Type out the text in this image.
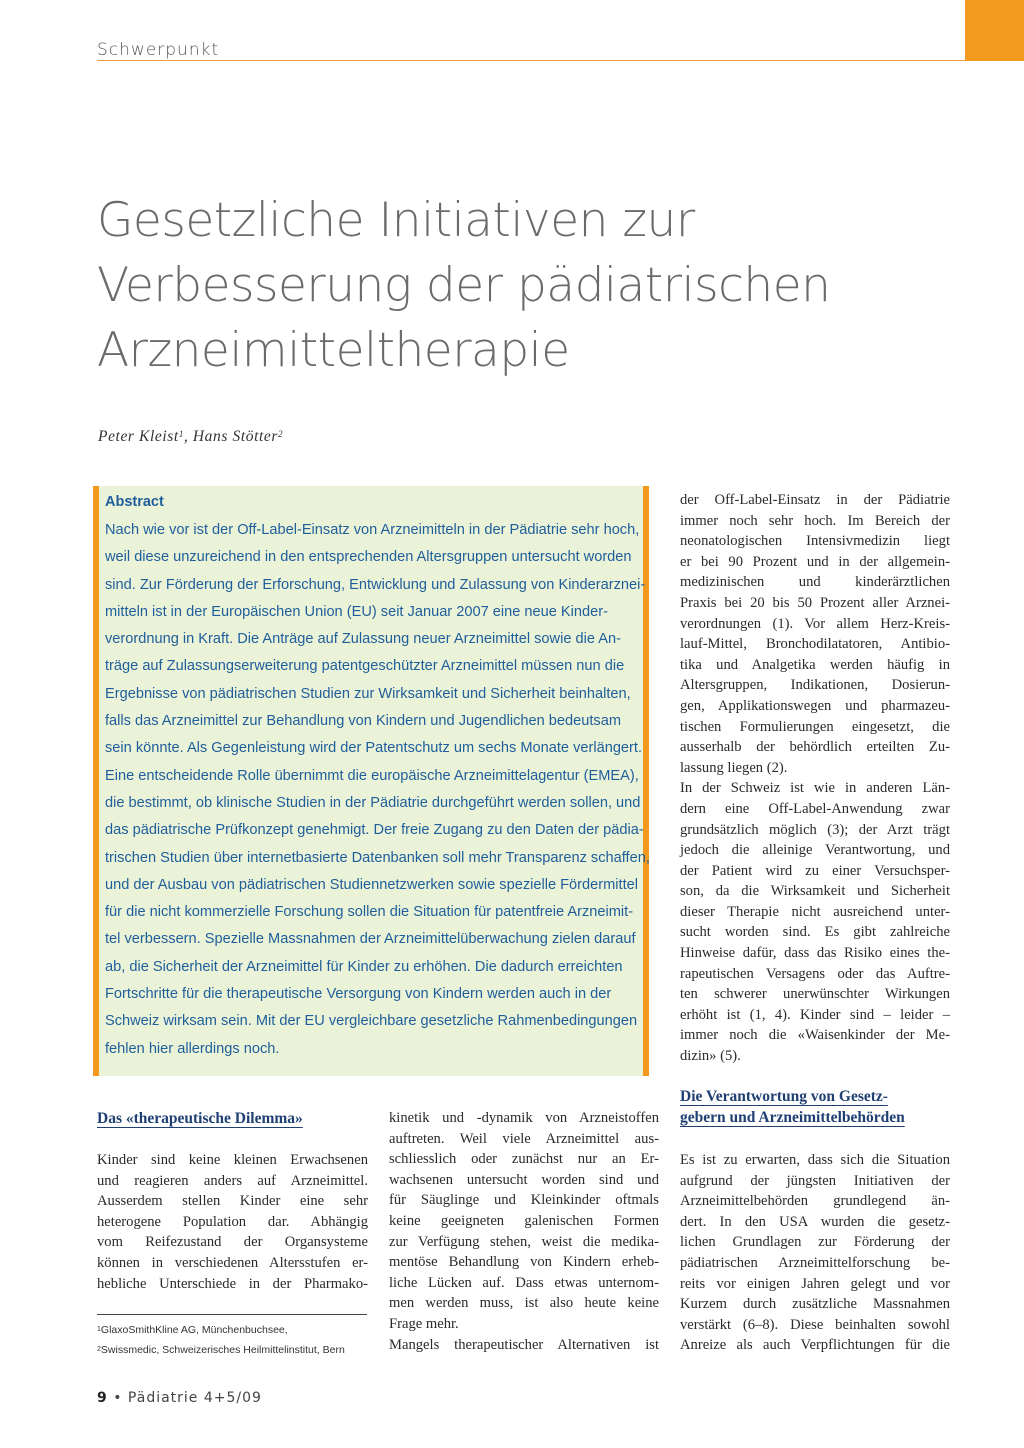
Schwerpunkt
Gesetzliche Initiativen zur
Verbesserung der pädiatrischen
Arzneimitteltherapie
Peter Kleist$^1$, Hans Stötter$^2$
Abstract
Nach wie vor ist der Off-Label-Einsatz von Arzneimitteln in der Pädiatrie sehr hoch,
weil diese unzureichend in den entsprechenden Altersgruppen untersucht worden
sind. Zur Förderung der Erforschung, Entwicklung und Zulassung von Kinderarznei-
mitteln ist in der Europäischen Union (EU) seit Januar 2007 eine neue Kinder-
verordnung in Kraft. Die Anträge auf Zulassung neuer Arzneimittel sowie die An-
träge auf Zulassungserweiterung patentgeschützter Arzneimittel müssen nun die
Ergebnisse von pädiatrischen Studien zur Wirksamkeit und Sicherheit beinhalten,
falls das Arzneimittel zur Behandlung von Kindern und Jugendlichen bedeutsam
sein könnte. Als Gegenleistung wird der Patentschutz um sechs Monate verlängert.
Eine entscheidende Rolle übernimmt die europäische Arzneimittelagentur (EMEA),
die bestimmt, ob klinische Studien in der Pädiatrie durchgeführt werden sollen, und
das pädiatrische Prüfkonzept genehmigt. Der freie Zugang zu den Daten der pädia-
trischen Studien über internetbasierte Datenbanken soll mehr Transparenz schaffen,
und der Ausbau von pädiatrischen Studiennetzwerken sowie spezielle Fördermittel
für die nicht kommerzielle Forschung sollen die Situation für patentfreie Arzneimit-
tel verbessern. Spezielle Massnahmen der Arzneimittelüberwachung zielen darauf
ab, die Sicherheit der Arzneimittel für Kinder zu erhöhen. Die dadurch erreichten
Fortschritte für die therapeutische Versorgung von Kindern werden auch in der
Schweiz wirksam sein. Mit der EU vergleichbare gesetzliche Rahmenbedingungen
fehlen hier allerdings noch.
der Off-Label-Einsatz in der Pädiatrie
immer noch sehr hoch. Im Bereich der
neonatologischen Intensivmedizin liegt
er bei 90 Prozent und in der allgemein-
medizinischen und kinderärztlichen
Praxis bei 20 bis 50 Prozent aller Arznei-
verordnungen (1). Vor allem Herz-Kreis-
lauf-Mittel, Bronchodilatatoren, Antibio-
tika und Analgetika werden häufig in
Altersgruppen, Indikationen, Dosierun-
gen, Applikationswegen und pharmazeu-
tischen Formulierungen eingesetzt, die
ausserhalb der behördlich erteilten Zu-
lassung liegen (2).
In der Schweiz ist wie in anderen Län-
dern eine Off-Label-Anwendung zwar
grundsätzlich möglich (3); der Arzt trägt
jedoch die alleinige Verantwortung, und
der Patient wird zu einer Versuchsper-
son, da die Wirksamkeit und Sicherheit
dieser Therapie nicht ausreichend unter-
sucht worden sind. Es gibt zahlreiche
Hinweise dafür, dass das Risiko eines the-
rapeutischen Versagens oder das Auftre-
ten schwerer unerwünschter Wirkungen
erhöht ist (1, 4). Kinder sind – leider –
immer noch die «Waisenkinder der Me-
dizin» (5).
Das «therapeutische Dilemma»
Kinder sind keine kleinen Erwachsenen
und reagieren anders auf Arzneimittel.
Ausserdem stellen Kinder eine sehr
heterogene Population dar. Abhängig
vom Reifezustand der Organsysteme
können in verschiedenen Altersstufen er-
hebliche Unterschiede in der Pharmako-
kinetik und -dynamik von Arzneistoffen
auftreten. Weil viele Arzneimittel aus-
schliesslich oder zunächst nur an Er-
wachsenen untersucht worden sind und
für Säuglinge und Kleinkinder oftmals
keine geeigneten galenischen Formen
zur Verfügung stehen, weist die medika-
mentöse Behandlung von Kindern erheb-
liche Lücken auf. Dass etwas unternom-
men werden muss, ist also heute keine
Frage mehr.
Mangels therapeutischer Alternativen ist
Die Verantwortung von Gesetz-
gebern und Arzneimittelbehörden
Es ist zu erwarten, dass sich die Situation
aufgrund der jüngsten Initiativen der
Arzneimittelbehörden grundlegend än-
dert. In den USA wurden die gesetz-
lichen Grundlagen zur Förderung der
pädiatrischen Arzneimittelforschung be-
reits vor einigen Jahren gelegt und vor
Kurzem durch zusätzliche Massnahmen
verstärkt (6–8). Diese beinhalten sowohl
Anreize als auch Verpflichtungen für die
$^1$GlaxoSmithKline AG, Münchenbuchsee,
$^2$Swissmedic, Schweizerisches Heilmittelinstitut, Bern
9 • Pädiatrie 4+5/09
